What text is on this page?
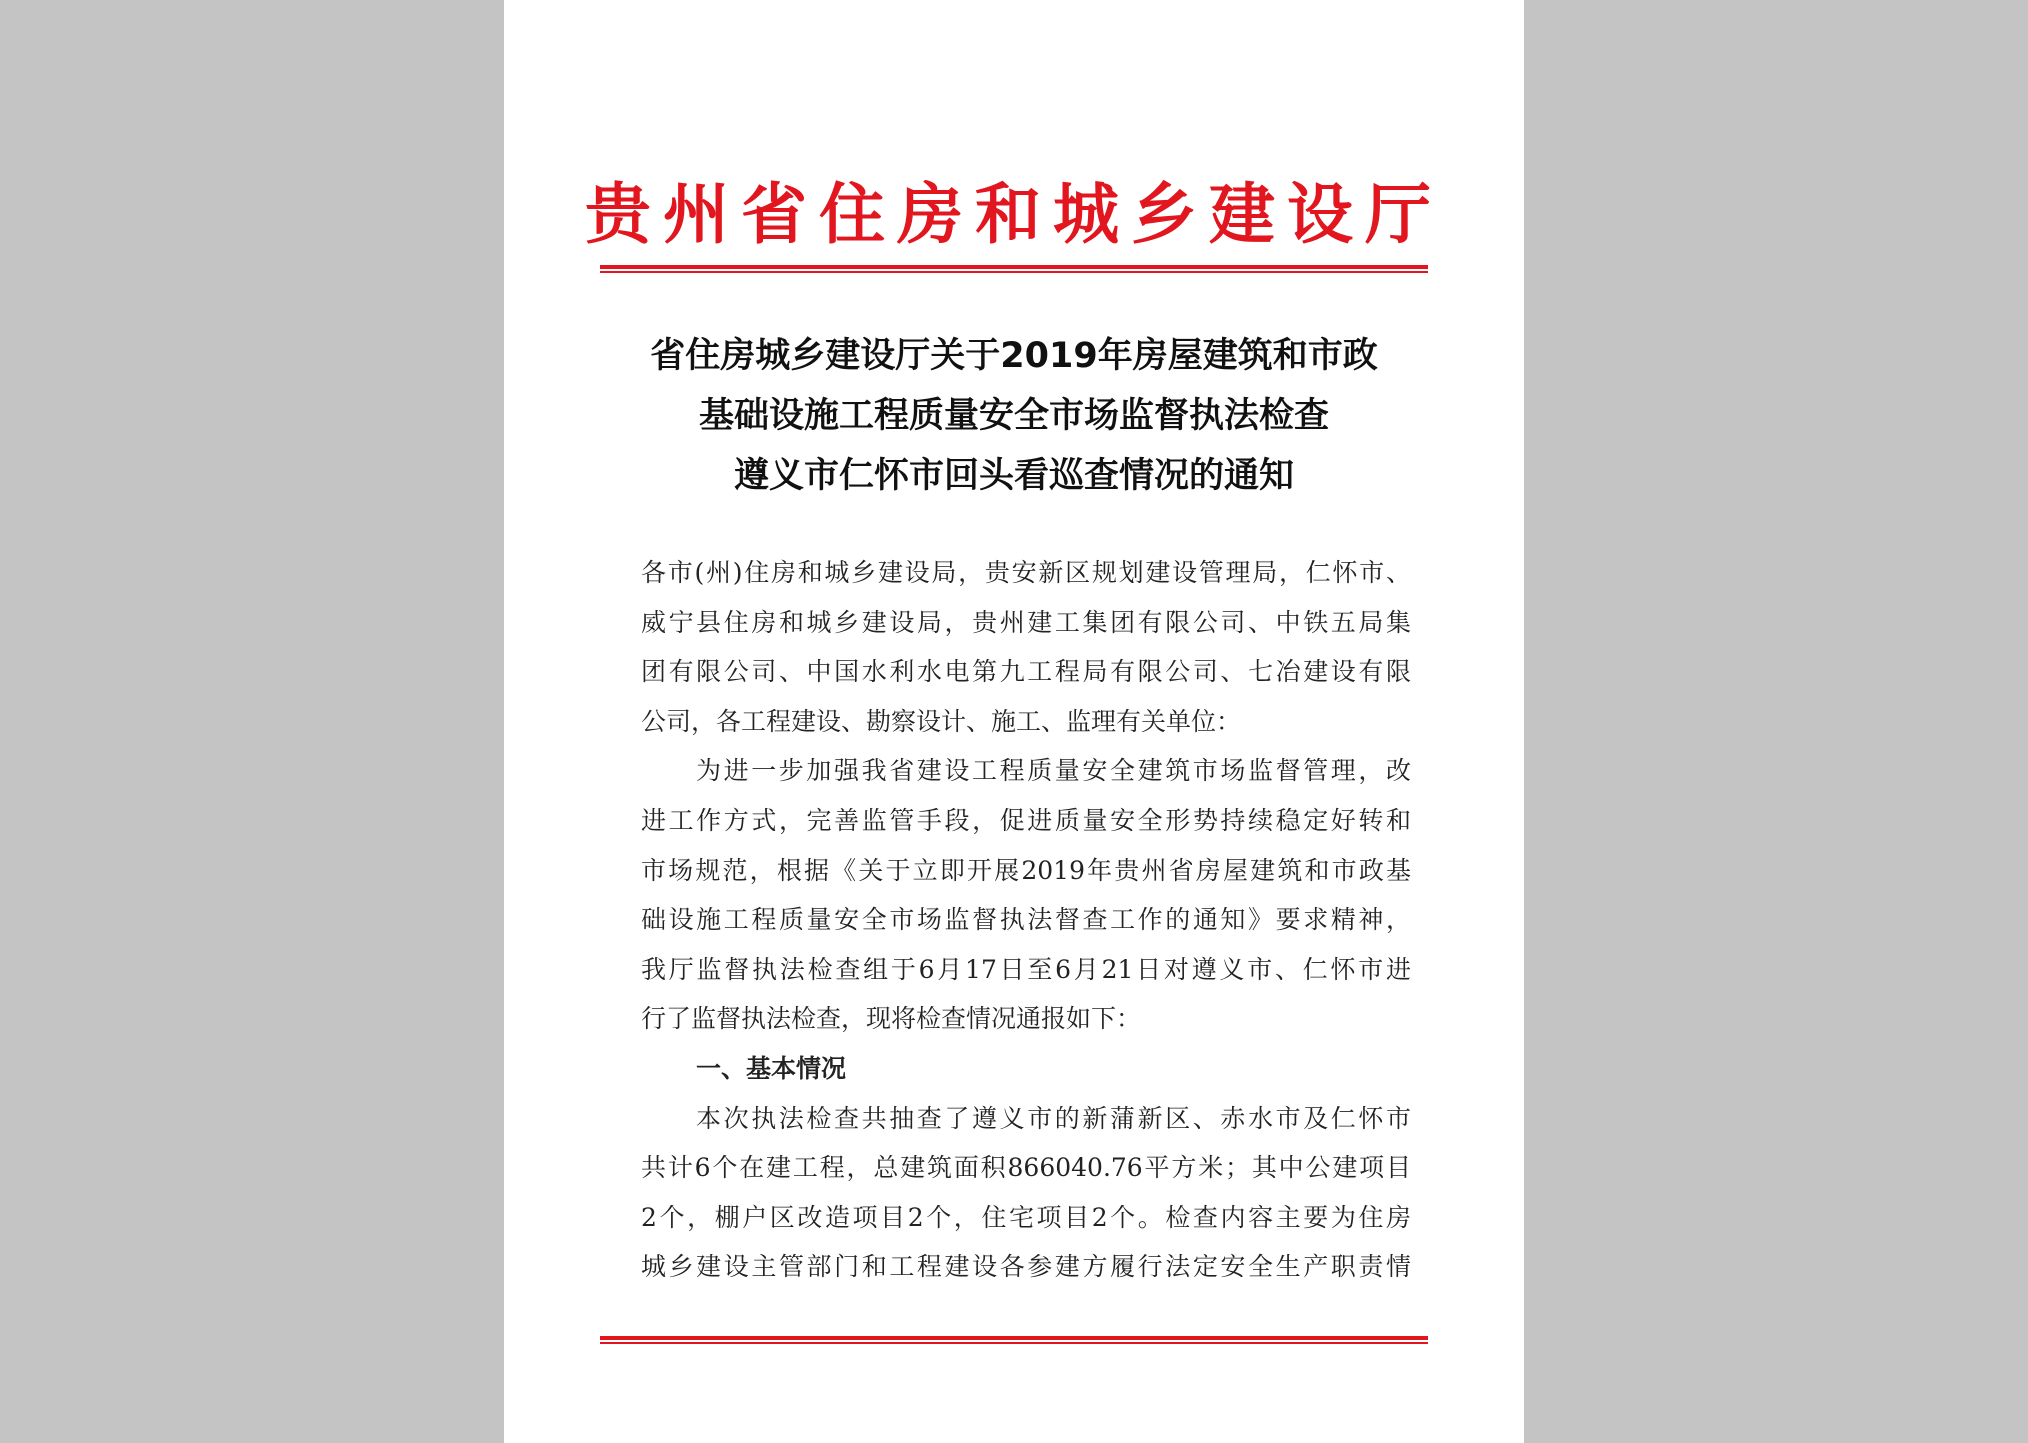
贵州省住房和城乡建设厅
省住房城乡建设厅关于2019年房屋建筑和市政
基础设施工程质量安全市场监督执法检查
遵义市仁怀市回头看巡查情况的通知
各市(州)住房和城乡建设局，贵安新区规划建设管理局，仁怀市、
威宁县住房和城乡建设局，贵州建工集团有限公司、中铁五局集
团有限公司、中国水利水电第九工程局有限公司、七冶建设有限
公司，各工程建设、勘察设计、施工、监理有关单位：
为进一步加强我省建设工程质量安全建筑市场监督管理，改
进工作方式，完善监管手段，促进质量安全形势持续稳定好转和
市场规范，根据《关于立即开展2019年贵州省房屋建筑和市政基
础设施工程质量安全市场监督执法督查工作的通知》要求精神，
我厅监督执法检查组于6月17日至6月21日对遵义市、仁怀市进
行了监督执法检查，现将检查情况通报如下：
一、基本情况
本次执法检查共抽查了遵义市的新蒲新区、赤水市及仁怀市
共计6个在建工程，总建筑面积866040.76平方米；其中公建项目
2个，棚户区改造项目2个，住宅项目2个。检查内容主要为住房
城乡建设主管部门和工程建设各参建方履行法定安全生产职责情
